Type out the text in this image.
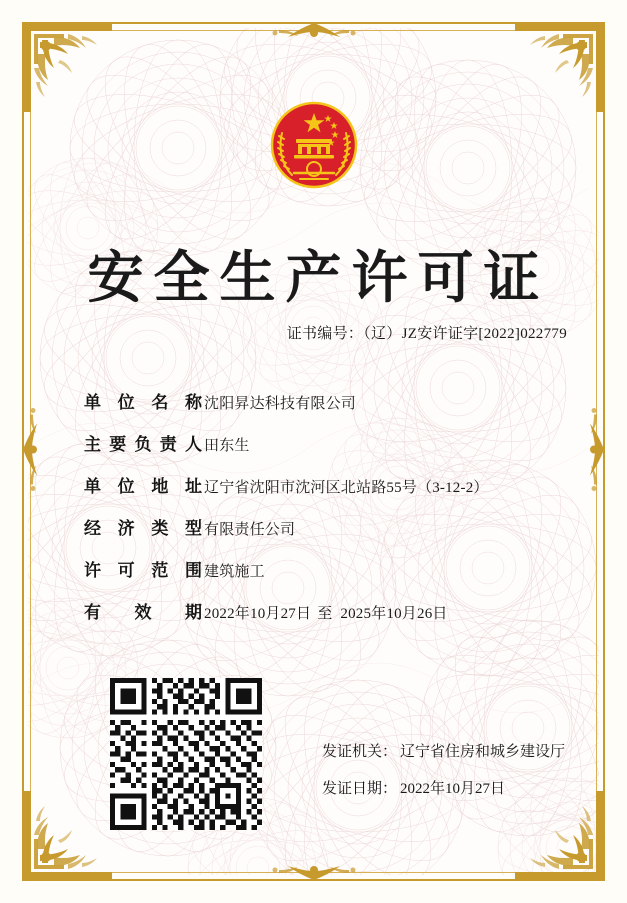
安全生产许可证
证书编号：（辽）JZ安许证字[2022]022779
单 位 名 称 沈阳昇达科技有限公司
主 要 负 责 人 田东生
单 位 地 址 辽宁省沈阳市沈河区北站路55号（3-12-2）
经 济 类 型 有限责任公司
许 可 范 围 建筑施工
有 效 期 2022年10月27日 至 2025年10月26日
发证机关： 辽宁省住房和城乡建设厅
发证日期： 2022年10月27日
